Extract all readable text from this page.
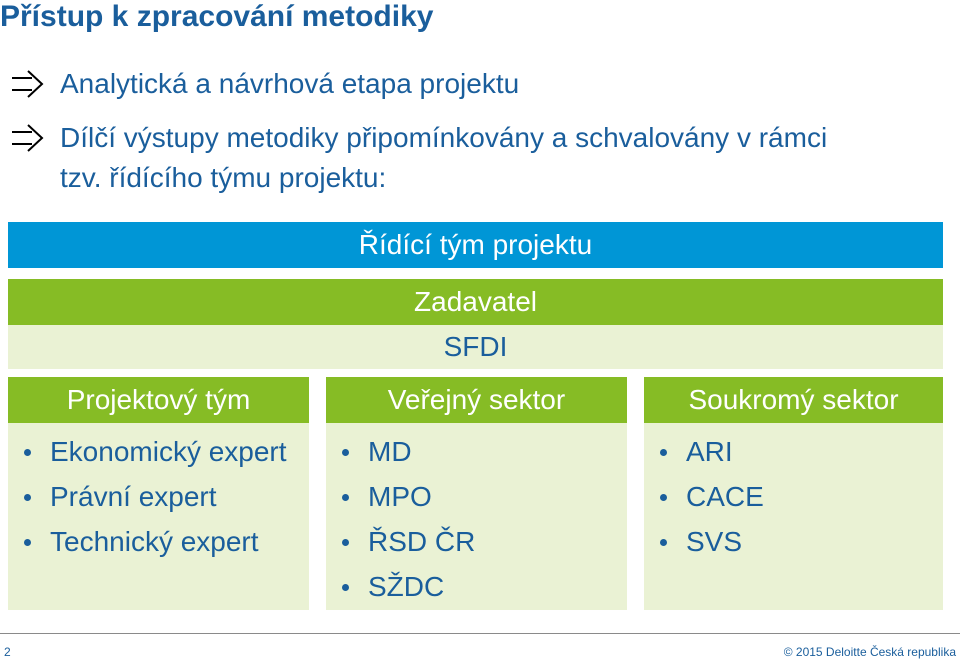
Přístup k zpracování metodiky
Analytická a návrhová etapa projektu
Dílčí výstupy metodiky připomínkovány a schvalovány v rámci
tzv. řídícího týmu projektu:
Řídící tým projektu
Zadavatel
SFDI
Projektový tým
Ekonomický expert
Právní expert
Technický expert
Veřejný sektor
MD
MPO
ŘSD ČR
SŽDC
Soukromý sektor
ARI
CACE
SVS
2	© 2015 Deloitte Česká republika
